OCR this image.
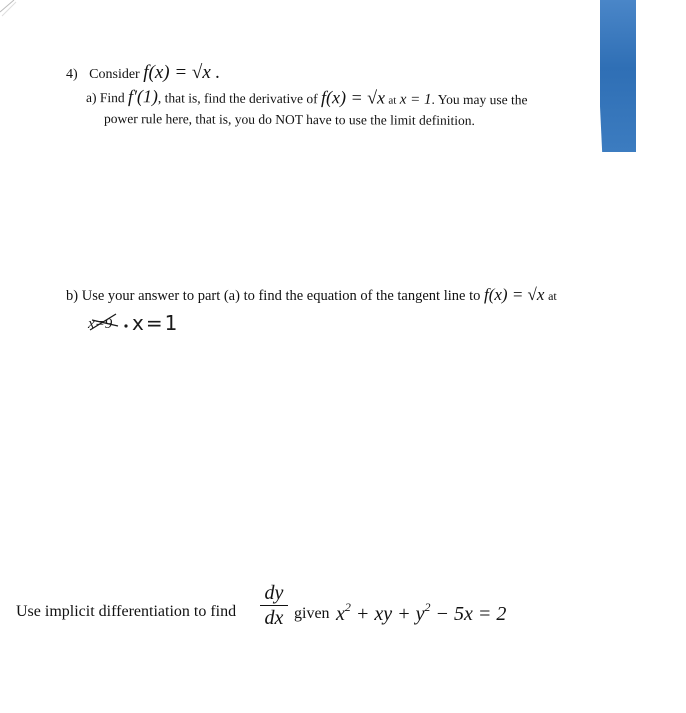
4) Consider f(x) = √x .
a) Find f′(1), that is, find the derivative of f(x) = √x at x = 1. You may use the
power rule here, that is, you do NOT have to use the limit definition.
b) Use your answer to part (a) to find the equation of the tangent line to f(x) = √x at
x=9 x=1
Use implicit differentiation to find
dy
dx given $x^2$ + xy + $y^2 - 5x = 2$
